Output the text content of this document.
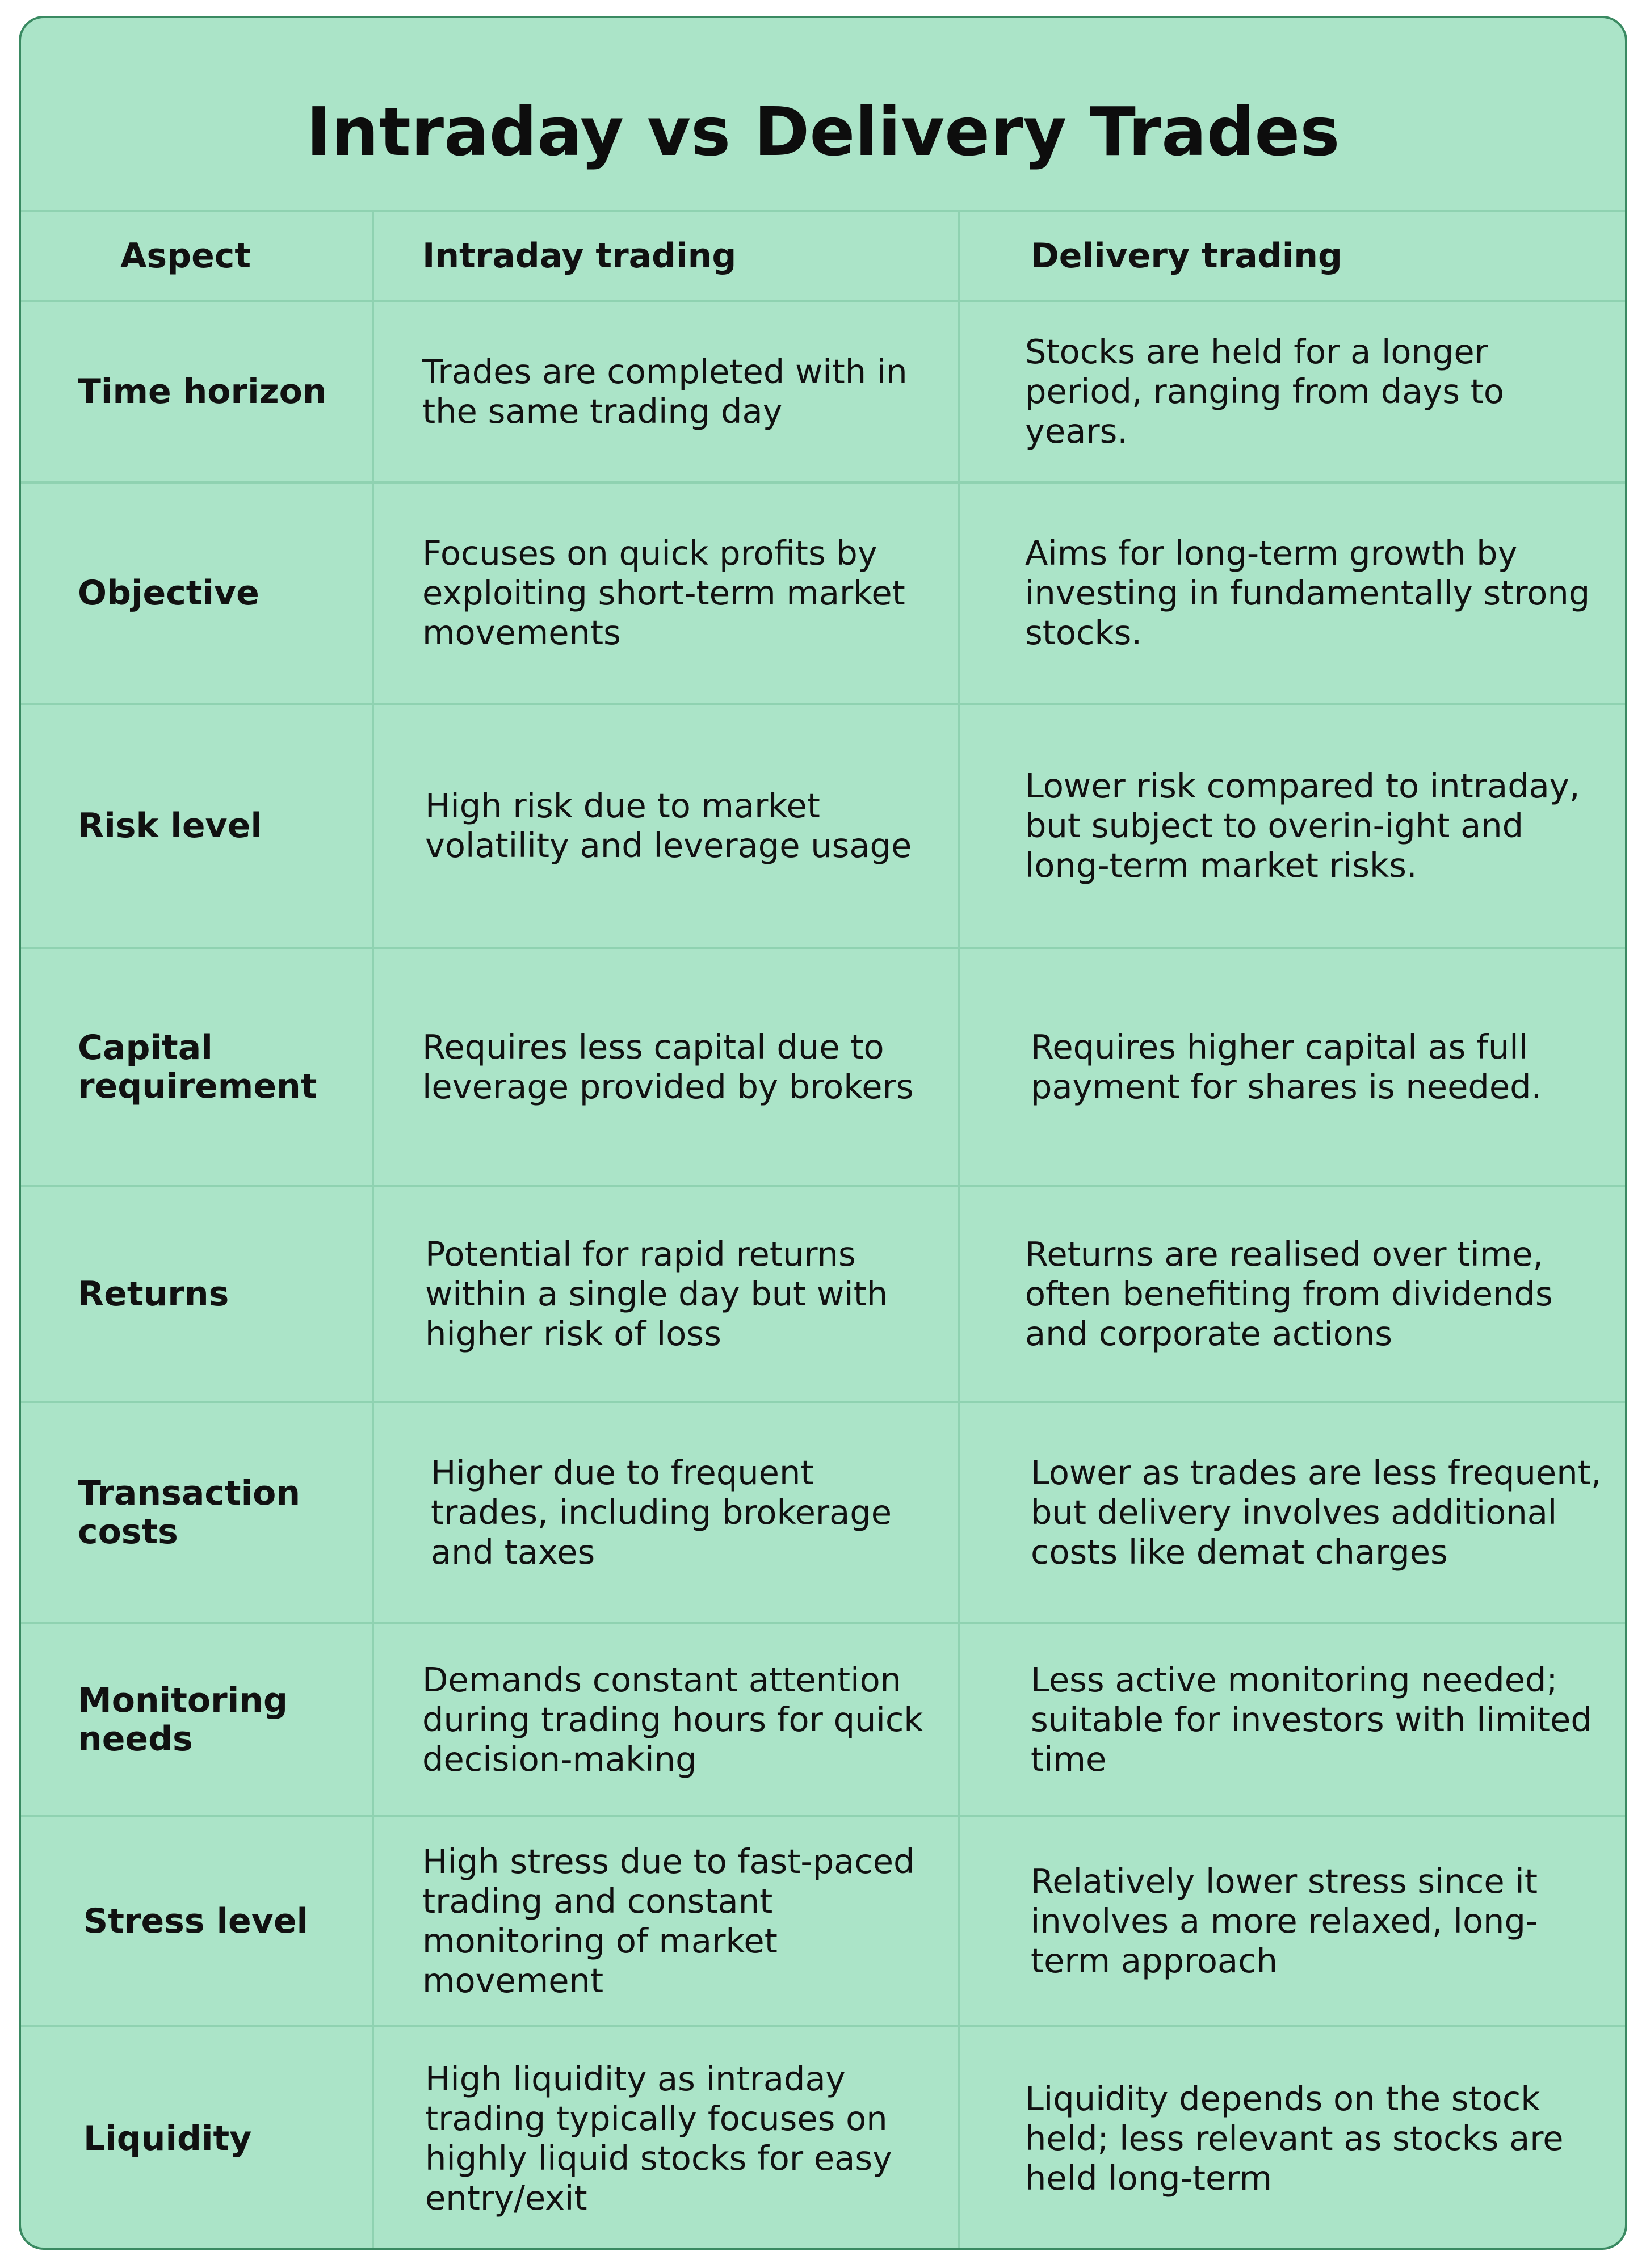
Intraday vs Delivery Trades
Aspect	Intraday trading	Delivery trading
Time horizon
Trades are completed with in the same trading day
Stocks are held for a longer period, ranging from days to years.
Objective
Focuses on quick profits by exploiting short-term market movements
Aims for long-term growth by investing in fundamentally strong stocks.
Risk level
High risk due to market volatility and leverage usage
Lower risk compared to intraday, but subject to overin-ight and long-term market risks.
Capital requirement
Requires less capital due to leverage provided by brokers
Requires higher capital as full payment for shares is needed.
Returns
Potential for rapid returns within a single day but with higher risk of loss
Returns are realised over time, often benefiting from dividends and corporate actions
Transaction costs
Higher due to frequent trades, including brokerage and taxes
Lower as trades are less frequent, but delivery involves additional costs like demat charges
Monitoring needs
Demands constant attention during trading hours for quick decision-making
Less active monitoring needed; suitable for investors with limited time
Stress level
High stress due to fast-paced trading and constant monitoring of market movement
Relatively lower stress since it involves a more relaxed, long-term approach
Liquidity
High liquidity as intraday trading typically focuses on highly liquid stocks for easy entry/exit
Liquidity depends on the stock held; less relevant as stocks are held long-term
